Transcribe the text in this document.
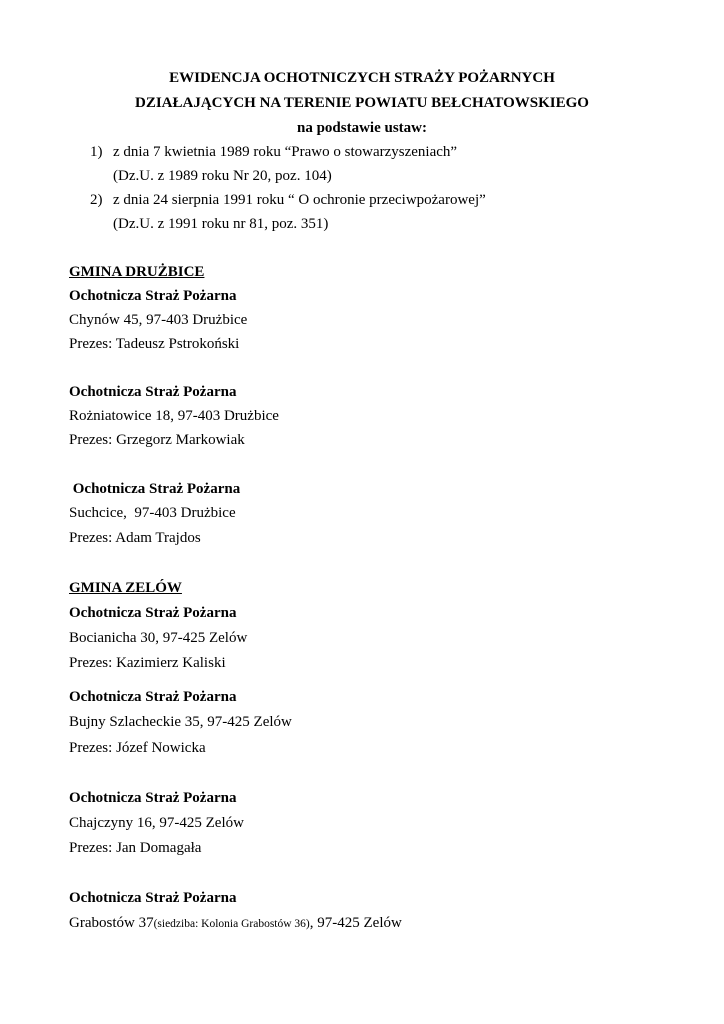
EWIDENCJA OCHOTNICZYCH STRAŻY POŻARNYCH
DZIAŁAJĄCYCH NA TERENIE POWIATU BEŁCHATOWSKIEGO
na podstawie ustaw:
1) z dnia 7 kwietnia 1989 roku “Prawo o stowarzyszeniach”
(Dz.U. z 1989 roku Nr 20, poz. 104)
2) z dnia 24 sierpnia 1991 roku “ O ochronie przeciwpożarowej”
(Dz.U. z 1991 roku nr 81, poz. 351)
GMINA DRUŻBICE
Ochotnicza Straż Pożarna
Chynów 45, 97-403 Drużbice
Prezes: Tadeusz Pstrokoński
Ochotnicza Straż Pożarna
Rożniatowice 18, 97-403 Drużbice
Prezes: Grzegorz Markowiak
Ochotnicza Straż Pożarna
Suchcice,  97-403 Drużbice
Prezes: Adam Trajdos
GMINA ZELÓW
Ochotnicza Straż Pożarna
Bocianicha 30, 97-425 Zelów
Prezes: Kazimierz Kaliski
Ochotnicza Straż Pożarna
Bujny Szlacheckie 35, 97-425 Zelów
Prezes: Józef Nowicka
Ochotnicza Straż Pożarna
Chajczyny 16, 97-425 Zelów
Prezes: Jan Domagała
Ochotnicza Straż Pożarna
Grabostów 37(siedziba: Kolonia Grabostów 36), 97-425 Zelów
